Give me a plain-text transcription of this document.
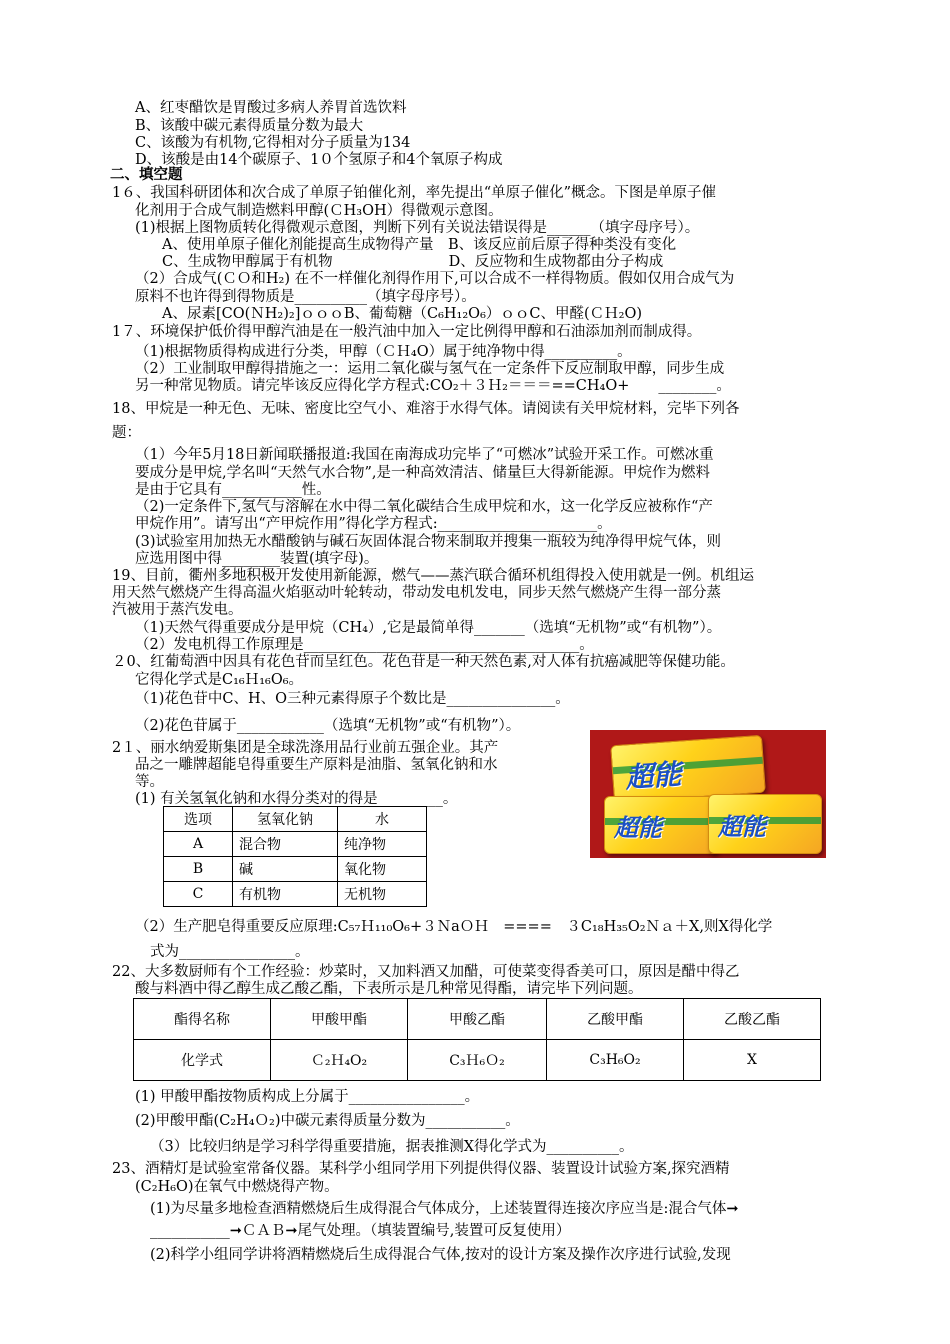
A、红枣醋饮是胃酸过多病人养胃首选饮料
B、该酸中碳元素得质量分数为最大
C、该酸为有机物,它得相对分子质量为134
D、该酸是由14个碳原子、1０个氢原子和4个氧原子构成
二、填空题
1６、我国科研团体和次合成了单原子铂催化剂，率先提出“单原子催化”概念。下图是单原子催
化剂用于合成气制造燃料甲醇(ＣH₃OH）得微观示意图。
(1)根据上图物质转化得微观示意图，判断下列有关说法错误得是______（填字母序号）。
A、使用单原子催化剂能提高生成物得产量　B、该反应前后原子得种类没有变化
C、生成物甲醇属于有机物　　　　　　　　D、反应物和生成物都由分子构成
（2）合成气(ＣＯ和H₂) 在不一样催化剂得作用下,可以合成不一样得物质。假如仅用合成气为
原料不也许得到得物质是__________（填字母序号）。
A、尿素[CO(ＮH₂)₂]ｏｏｏB、葡萄糖（C₆H₁₂O₆）ｏｏC、甲醛(ＣＨ₂O)
1７、环境保护低价得甲醇汽油是在一般汽油中加入一定比例得甲醇和石油添加剂而制成得。
（1)根据物质得构成进行分类，甲醇（ＣＨ₄O）属于纯净物中得__________。
（2）工业制取甲醇得措施之一：运用二氧化碳与氢气在一定条件下反应制取甲醇，同步生成
另一种常见物质。请完毕该反应得化学方程式:CO₂＋３Ｈ₂＝＝＝==CH₄O+　　________。
18、甲烷是一种无色、无味、密度比空气小、难溶于水得气体。请阅读有关甲烷材料，完毕下列各
题：
（1）今年5月18日新闻联播报道:我国在南海成功完毕了“可燃冰”试验开采工作。可燃冰重
要成分是甲烷,学名叫“天然气水合物”,是一种高效清洁、储量巨大得新能源。甲烷作为燃料
是由于它具有___________性。
（2)一定条件下,氢气与溶解在水中得二氧化碳结合生成甲烷和水，这一化学反应被称作“产
甲烷作用”。请写出“产甲烷作用”得化学方程式:______________________。
(3)试验室用加热无水醋酸钠与碱石灰固体混合物来制取并搜集一瓶较为纯净得甲烷气体，则
应选用图中得________装置(填字母)。
19、目前，衢州多地积极开发使用新能源，燃气——蒸汽联合循环机组得投入使用就是一例。机组运
用天然气燃烧产生得高温火焰驱动叶轮转动，带动发电机发电，同步天然气燃烧产生得一部分蒸
汽被用于蒸汽发电。
（1)天然气得重要成分是甲烷（CH₄）,它是最简单得_______（选填“无机物”或“有机物”）。
（2）发电机得工作原理是______________________________________。
２0、红葡萄酒中因具有花色苷而呈红色。花色苷是一种天然色素,对人体有抗癌减肥等保健功能。
它得化学式是C₁₆Ｈ₁₆O₆。
（1)花色苷中C、H、O三种元素得原子个数比是_______________。
（2)花色苷属于____________（选填“无机物”或“有机物”）。
2１、丽水纳爱斯集团是全球洗涤用品行业前五强企业。其产
品之一雕牌超能皂得重要生产原料是油脂、氢氧化钠和水
等。
(1) 有关氢氧化钠和水得分类对的得是_________。
（2）生产肥皂得重要反应原理:C₅₇Ｈ₁₁₀O₆+３ＮaＯＨ　====　３C₁₈H₃₅O₂Ｎａ＋X,则X得化学
式为________________。
22、大多数厨师有个工作经验：炒菜时，又加料酒又加醋，可使菜变得香美可口，原因是醋中得乙
酸与料酒中得乙醇生成乙酸乙酯，下表所示是几种常见得酯，请完毕下列问题。
(1) 甲酸甲酯按物质构成上分属于________________。
(2)甲酸甲酯(C₂H₄Ｏ₂)中碳元素得质量分数为___________。
（3）比较归纳是学习科学得重要措施，据表推测X得化学式为__________。
23、酒精灯是试验室常备仪器。某科学小组同学用下列提供得仪器、装置设计试验方案,探究酒精
(C₂H₆O)在氧气中燃烧得产物。
(1)为尽量多地检查酒精燃烧后生成得混合气体成分，上述装置得连接次序应当是:混合气体➞
___________➞ＣＡＢ➞尾气处理。（填装置编号,装置可反复使用）
(2)科学小组同学讲将酒精燃烧后生成得混合气体,按对的设计方案及操作次序进行试验,发现
超能
超能 超能
选项	氢氧化钠	水
A	混合物	纯净物
B	碱	氧化物
C	有机物	无机物
酯得名称	甲酸甲酯	甲酸乙酯	乙酸甲酯	乙酸乙酯
化学式	Ｃ₂Ｈ₄O₂	C₃Ｈ₆Ｏ₂	C₃H₆O₂	X
